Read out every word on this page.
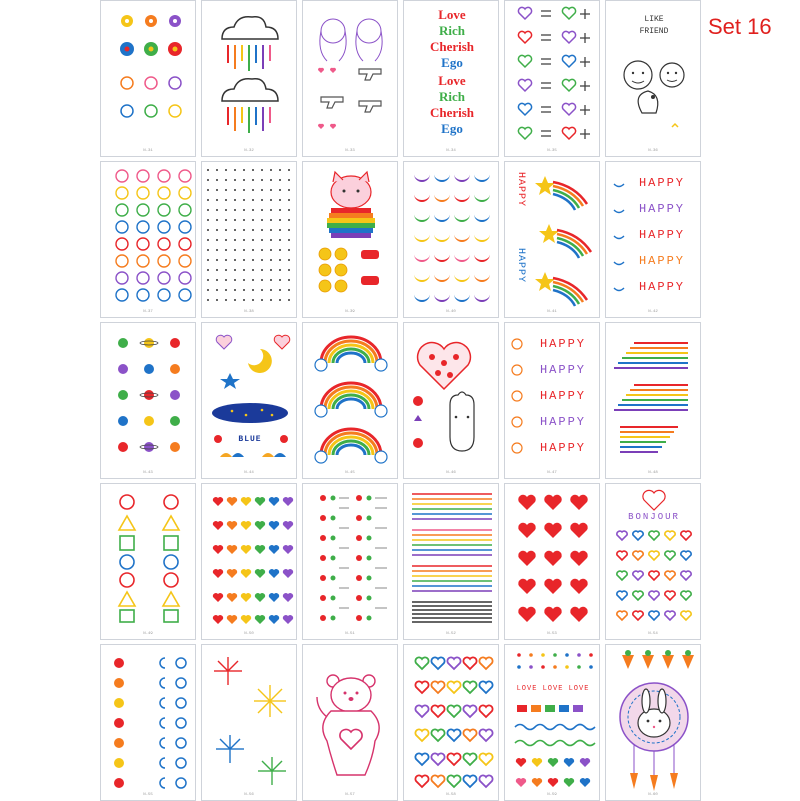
Set 16
N-31	N-32	N-33
Love
Rich
Cherish
Ego
Love
Rich
Cherish
Ego
N-34	N-35
LIKE
FRIEND
N-36
N-37	N-38	N-39	N-40
HAPPY
HAPPY
N-41
HAPPY
HAPPY
HAPPY
HAPPY
HAPPY
N-42
N-43
BLUE
N-44	N-45	N-46
HAPPY
HAPPY
HAPPY
HAPPY
HAPPY
N-47	N-48
N-49	N-50	N-51	N-52	N-53
BONJOUR
N-54
N-55	N-56	N-57	N-58
LOVE LOVE LOVE
N-59	N-60
